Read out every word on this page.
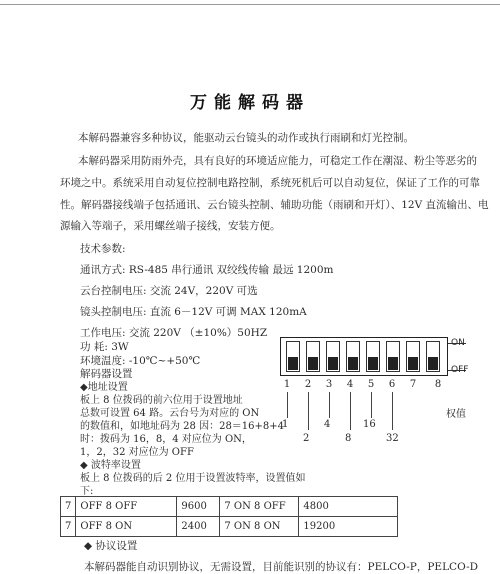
万能解码器
本解码器兼容多种协议，能驱动云台镜头的动作或执行雨刷和灯光控制。
本解码器采用防雨外壳，具有良好的环境适应能力，可稳定工作在潮湿、粉尘等恶劣的
环境之中。系统采用自动复位控制电路控制，系统死机后可以自动复位，保证了工作的可靠
性。解码器接线端子包括通讯、云台镜头控制、辅助功能（雨刷和开灯）、12V 直流输出、电
源输入等端子，采用螺丝端子接线，安装方便。
技术参数:
通讯方式: RS-485 串行通讯 双绞线传输 最远 1200m
云台控制电压: 交流 24V，220V 可选
镜头控制电压: 直流 6－12V 可调 MAX 120mA
工作电压: 交流 220V （±10%）50HZ
功 耗: 3W
环境温度: -10℃~+50℃
解码器设置
◆地址设置
板上 8 位拨码的前六位用于设置地址
总数可设置 64 路。云台号为对应的 ON
的数值和，如地址码为 28 因：28＝16+8+4
时：拨码为 16，8，4 对应位为 ON，
1，2，32 对应位为 OFF
ON
OFF
1 2 3 4 5 6 7 8
权值
1	4	16
2	8	32
◆ 波特率设置
板上 8 位拨码的后 2 位用于设置波特率，设置值如
下:
7	OFF 8 OFF	9600	7 ON 8 OFF	4800
7	OFF 8 ON	2400	7 ON 8 ON	19200
◆ 协议设置
本解码器能自动识别协议，无需设置，目前能识别的协议有：PELCO-P，PELCO-D
